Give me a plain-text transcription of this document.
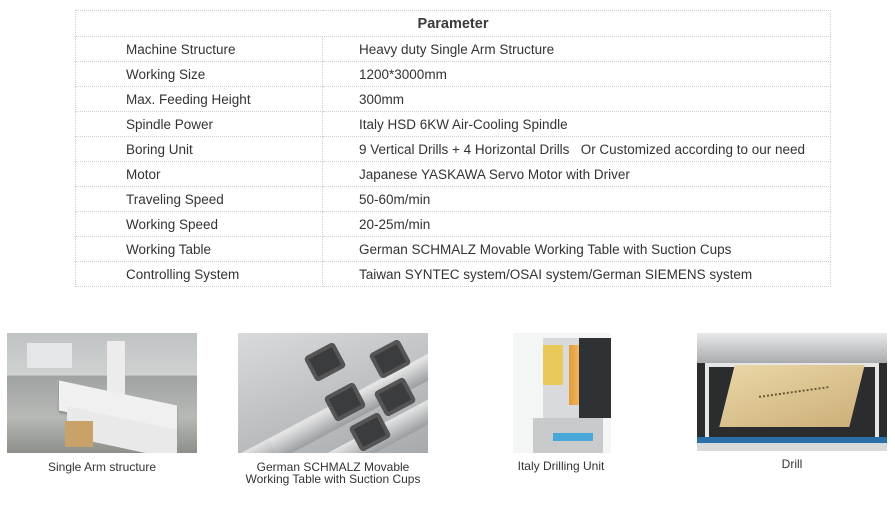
Parameter	
Machine Structure	Heavy duty Single Arm Structure
Working Size	1200*3000mm
Max. Feeding Height	300mm
Spindle Power	Italy HSD 6KW Air-Cooling Spindle
Boring Unit	9 Vertical Drills + 4 Horizontal Drills   Or Customized according to our need
Motor	Japanese YASKAWA Servo Motor with Driver
Traveling Speed	50-60m/min
Working Speed	20-25m/min
Working Table	German SCHMALZ Movable Working Table with Suction Cups
Controlling System	Taiwan SYNTEC system/OSAI system/German SIEMENS system
Single Arm structure	German SCHMALZ Movable Working Table with Suction Cups
Italy Drilling Unit	Drill
